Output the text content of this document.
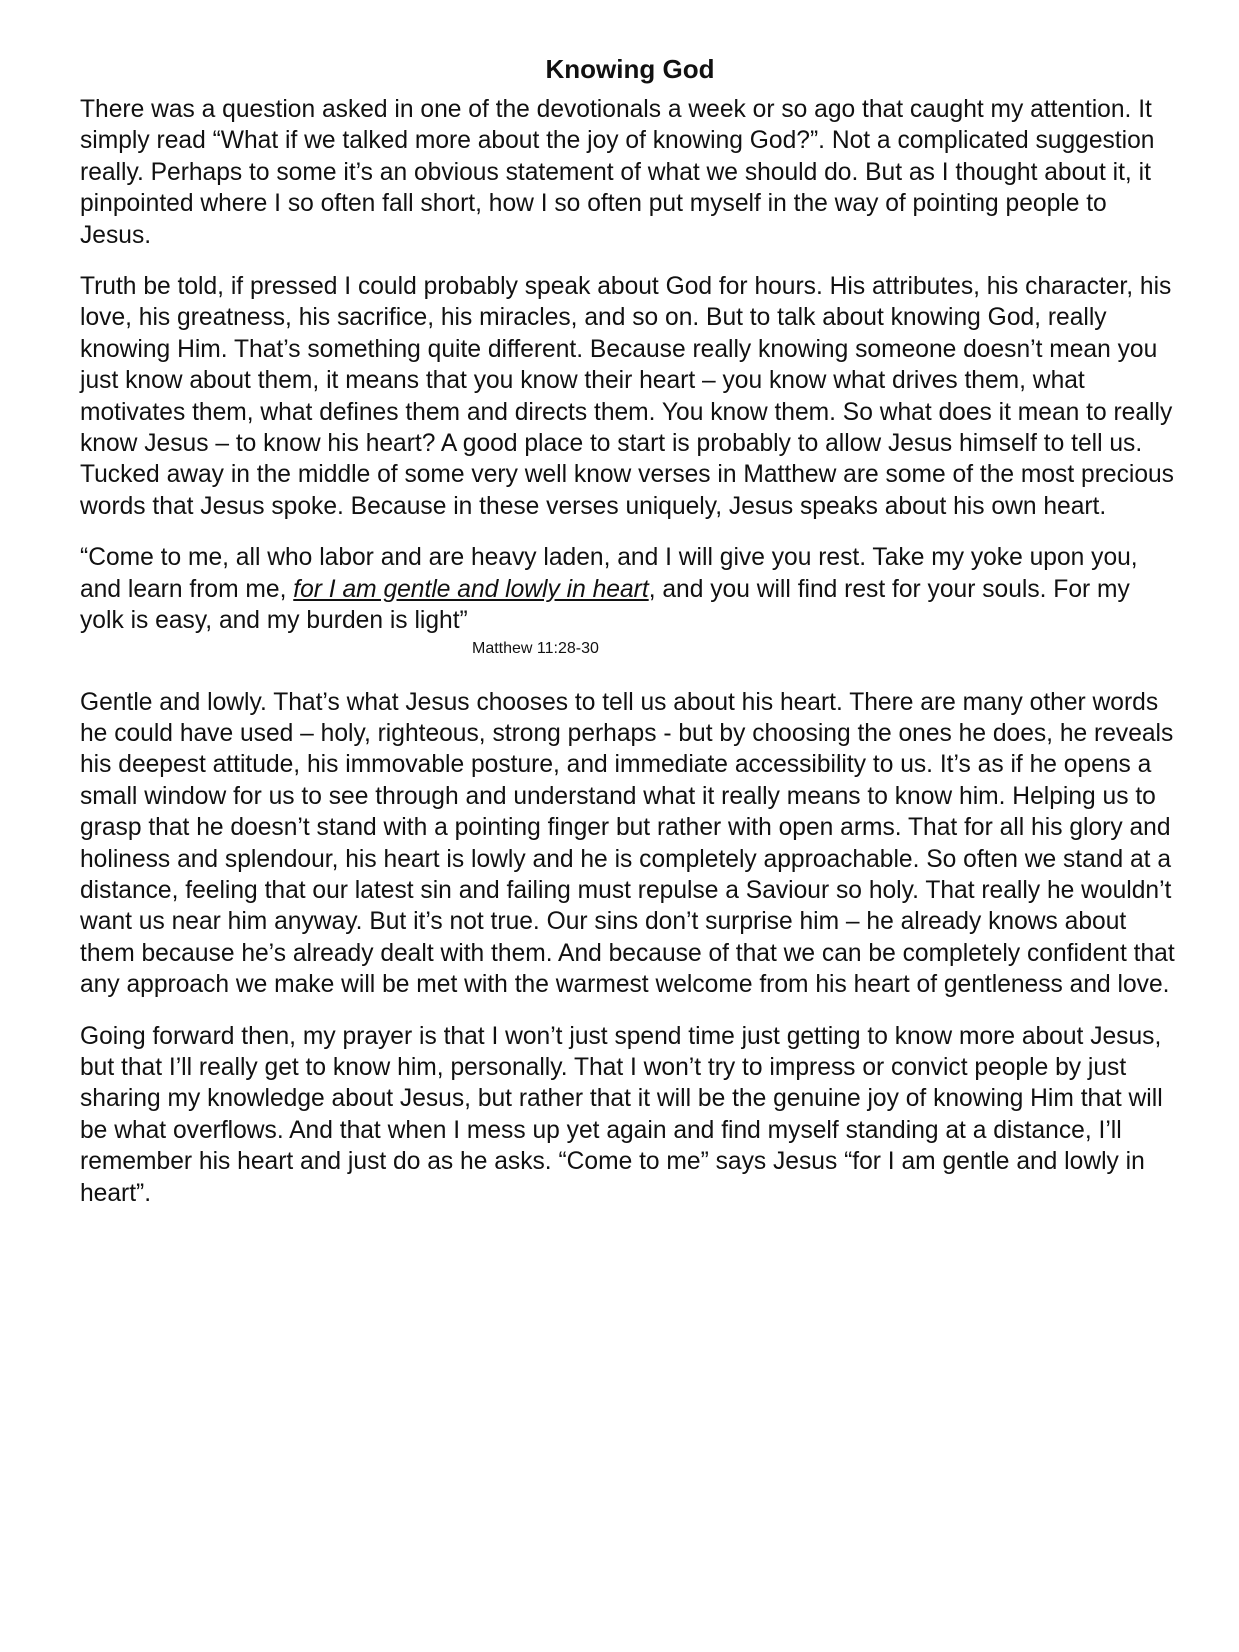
Knowing God

There was a question asked in one of the devotionals a week or so ago that caught my attention. It simply read “What if we talked more about the joy of knowing God?”. Not a complicated suggestion really. Perhaps to some it’s an obvious statement of what we should do. But as I thought about it, it pinpointed where I so often fall short, how I so often put myself in the way of pointing people to Jesus.

Truth be told, if pressed I could probably speak about God for hours. His attributes, his character, his love, his greatness, his sacrifice, his miracles, and so on. But to talk about knowing God, really knowing Him. That’s something quite different. Because really knowing someone doesn’t mean you just know about them, it means that you know their heart – you know what drives them, what motivates them, what defines them and directs them. You know them. So what does it mean to really know Jesus – to know his heart? A good place to start is probably to allow Jesus himself to tell us. Tucked away in the middle of some very well know verses in Matthew are some of the most precious words that Jesus spoke. Because in these verses uniquely, Jesus speaks about his own heart.

“Come to me, all who labor and are heavy laden, and I will give you rest. Take my yoke upon you, and learn from me, for I am gentle and lowly in heart, and you will find rest for your souls. For my yolk is easy, and my burden is light”

Matthew 11:28-30

Gentle and lowly. That’s what Jesus chooses to tell us about his heart. There are many other words he could have used – holy, righteous, strong perhaps - but by choosing the ones he does, he reveals his deepest attitude, his immovable posture, and immediate accessibility to us. It’s as if he opens a small window for us to see through and understand what it really means to know him. Helping us to grasp that he doesn’t stand with a pointing finger but rather with open arms. That for all his glory and holiness and splendour, his heart is lowly and he is completely approachable. So often we stand at a distance, feeling that our latest sin and failing must repulse a Saviour so holy. That really he wouldn’t want us near him anyway. But it’s not true. Our sins don’t surprise him – he already knows about them because he’s already dealt with them. And because of that we can be completely confident that any approach we make will be met with the warmest welcome from his heart of gentleness and love.

Going forward then, my prayer is that I won’t just spend time just getting to know more about Jesus, but that I’ll really get to know him, personally. That I won’t try to impress or convict people by just sharing my knowledge about Jesus, but rather that it will be the genuine joy of knowing Him that will be what overflows. And that when I mess up yet again and find myself standing at a distance, I’ll remember his heart and just do as he asks. “Come to me” says Jesus “for I am gentle and lowly in heart”.
